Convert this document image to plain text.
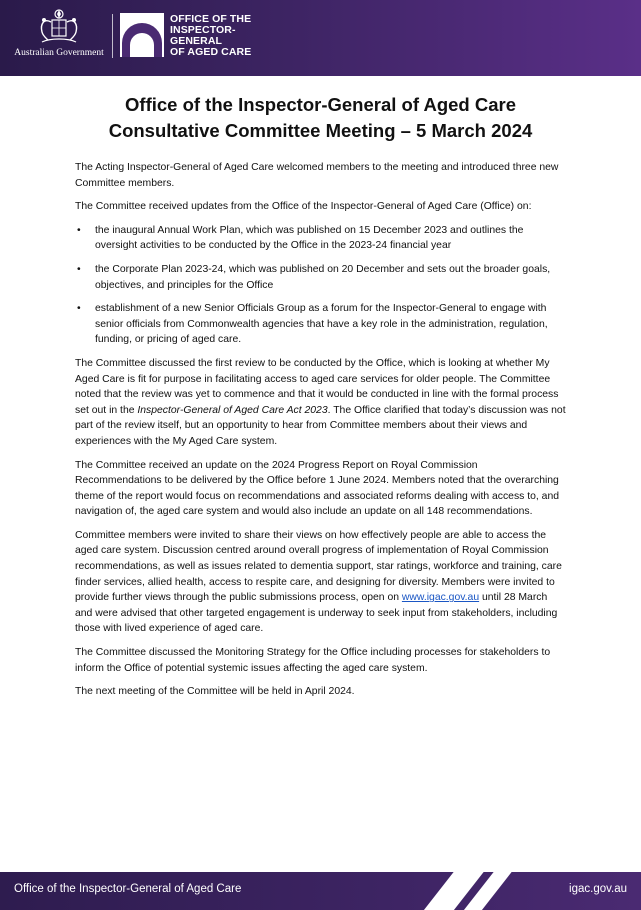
Australian Government
OFFICE OF THE
INSPECTOR-
GENERAL
OF AGED CARE
Office of the Inspector-General of Aged Care
Consultative Committee Meeting – 5 March 2024

The Acting Inspector-General of Aged Care welcomed members to the meeting and introduced three new Committee members.

The Committee received updates from the Office of the Inspector-General of Aged Care (Office) on:

• the inaugural Annual Work Plan, which was published on 15 December 2023 and outlines the oversight activities to be conducted by the Office in the 2023-24 financial year
• the Corporate Plan 2023-24, which was published on 20 December and sets out the broader goals, objectives, and principles for the Office
• establishment of a new Senior Officials Group as a forum for the Inspector-General to engage with senior officials from Commonwealth agencies that have a key role in the administration, regulation, funding, or pricing of aged care.

The Committee discussed the first review to be conducted by the Office, which is looking at whether My Aged Care is fit for purpose in facilitating access to aged care services for older people. The Committee noted that the review was yet to commence and that it would be conducted in line with the formal process set out in the Inspector-General of Aged Care Act 2023. The Office clarified that today’s discussion was not part of the review itself, but an opportunity to hear from Committee members about their views and experiences with the My Aged Care system.

The Committee received an update on the 2024 Progress Report on Royal Commission Recommendations to be delivered by the Office before 1 June 2024. Members noted that the overarching theme of the report would focus on recommendations and associated reforms dealing with access to, and navigation of, the aged care system and would also include an update on all 148 recommendations.

Committee members were invited to share their views on how effectively people are able to access the aged care system. Discussion centred around overall progress of implementation of Royal Commission recommendations, as well as issues related to dementia support, star ratings, workforce and training, care finder services, allied health, access to respite care, and designing for diversity. Members were invited to provide further views through the public submissions process, open on www.igac.gov.au until 28 March and were advised that other targeted engagement is underway to seek input from stakeholders, including those with lived experience of aged care.

The Committee discussed the Monitoring Strategy for the Office including processes for stakeholders to inform the Office of potential systemic issues affecting the aged care system.

The next meeting of the Committee will be held in April 2024.

Office of the Inspector-General of Aged Care	igac.gov.au
